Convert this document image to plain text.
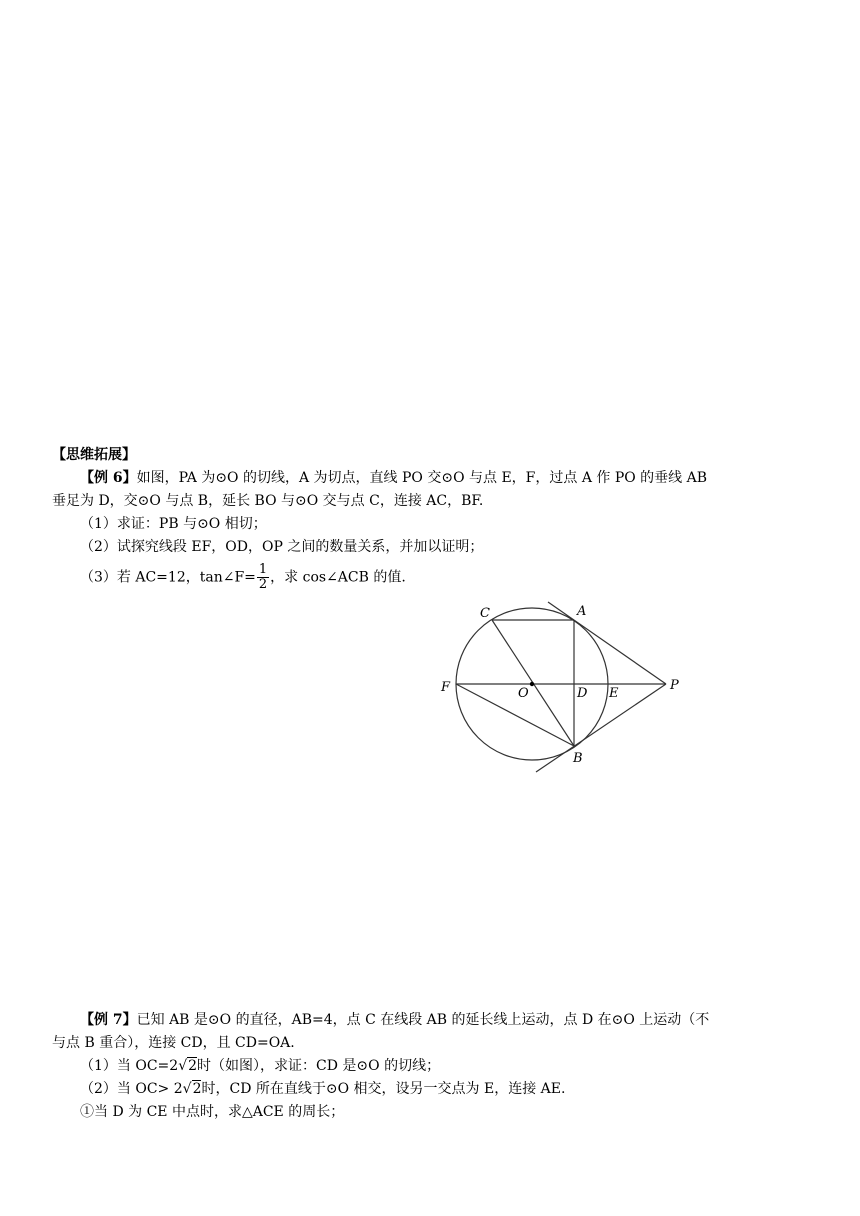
【思维拓展】
【例 6】如图，PA 为⊙O 的切线，A 为切点，直线 PO 交⊙O 与点 E，F，过点 A 作 PO 的垂线 AB
垂足为 D，交⊙O 与点 B，延长 BO 与⊙O 交与点 C，连接 AC，BF.
（1）求证：PB 与⊙O 相切；
（2）试探究线段 EF，OD，OP 之间的数量关系，并加以证明；
（3）若 AC=12，tan∠F= $\frac{1}{2}$ ，求 cos∠ACB 的值.
C	A
F	O	D E
P
B
【例 7】已知 AB 是⊙O 的直径，AB=4，点 C 在线段 AB 的延长线上运动，点 D 在⊙O 上运动（不
与点 B 重合），连接 CD，且 CD=OA.
（1）当 OC=2√2时（如图），求证：CD 是⊙O 的切线；
（2）当 OC> 2√2时，CD 所在直线于⊙O 相交，设另一交点为 E，连接 AE.
①当 D 为 CE 中点时，求△ACE 的周长；
